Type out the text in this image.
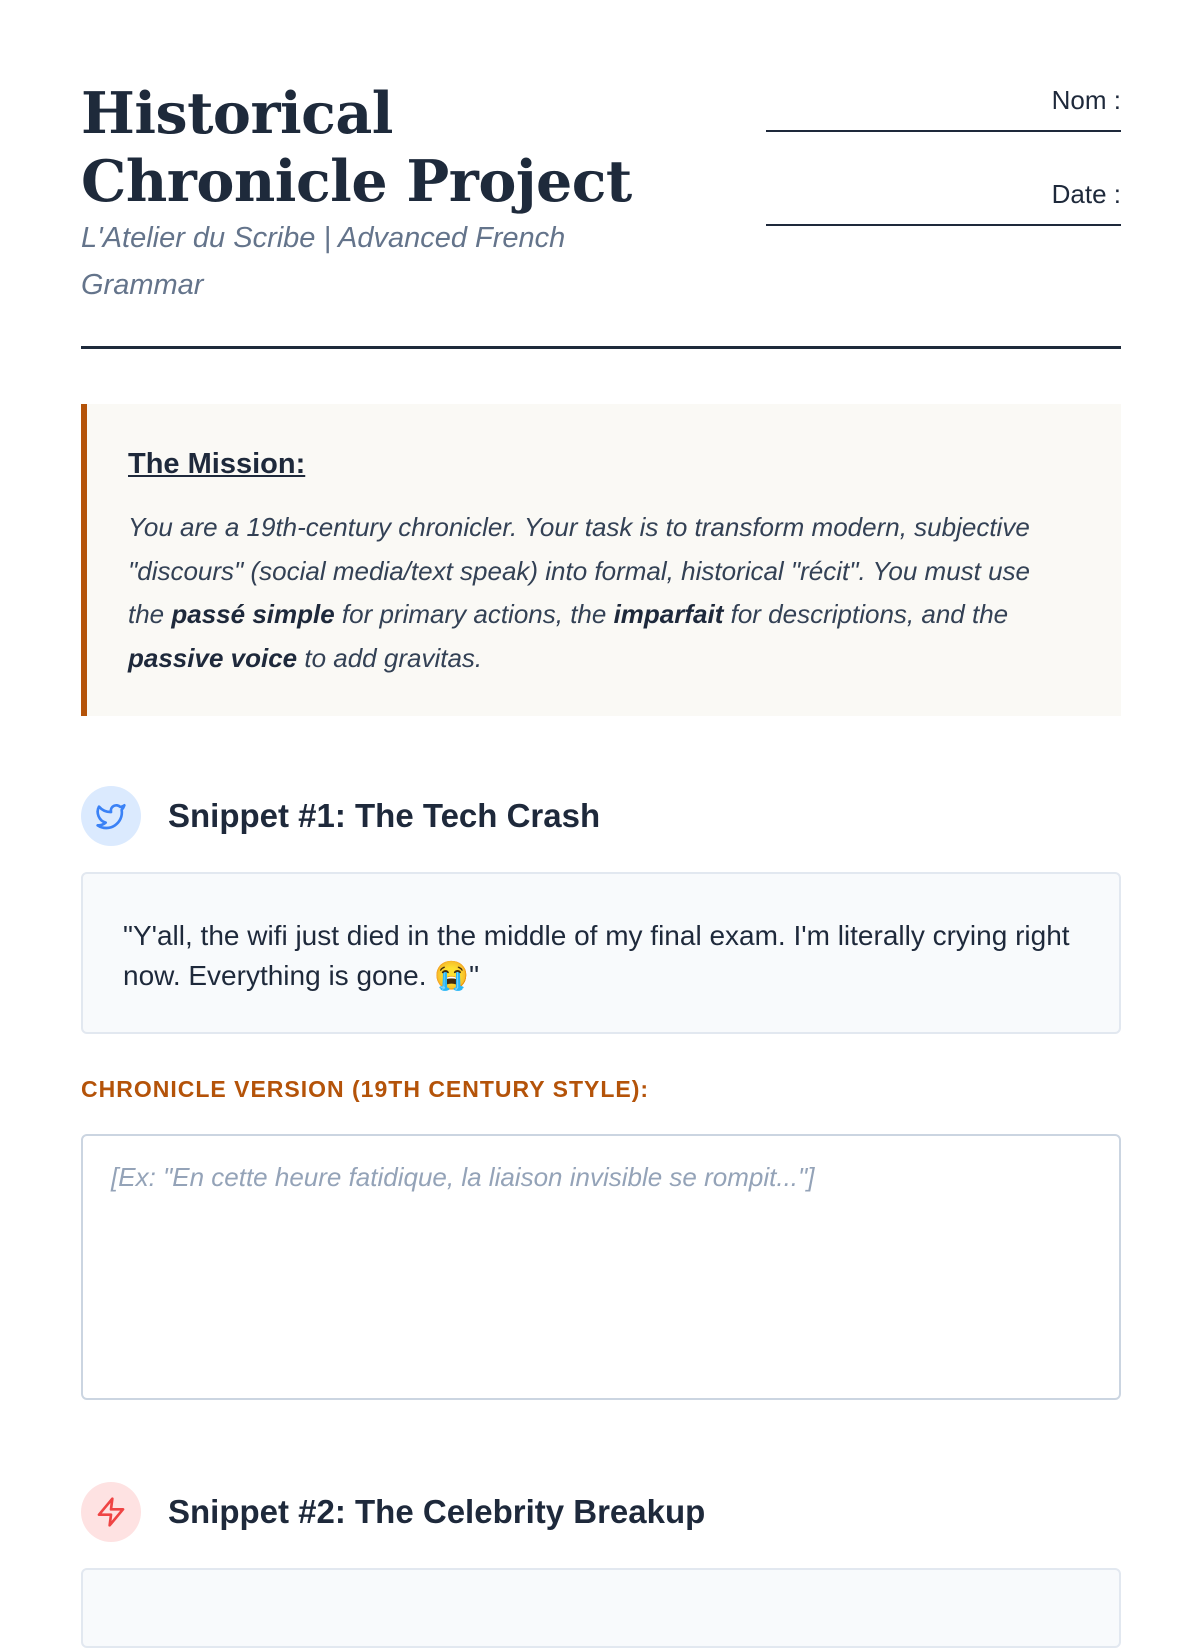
Historical Chronicle Project
L'Atelier du Scribe | Advanced French Grammar
Nom :
Date :
The Mission:

You are a 19th-century chronicler. Your task is to transform modern, subjective "discours" (social media/text speak) into formal, historical "récit". You must use the passé simple for primary actions, the imparfait for descriptions, and the passive voice to add gravitas.

Snippet #1: The Tech Crash

"Y'all, the wifi just died in the middle of my final exam. I'm literally crying right now. Everything is gone. 😭"

CHRONICLE VERSION (19TH CENTURY STYLE):
[Ex: "En cette heure fatidique, la liaison invisible se rompit..."]
Snippet #2: The Celebrity Breakup
